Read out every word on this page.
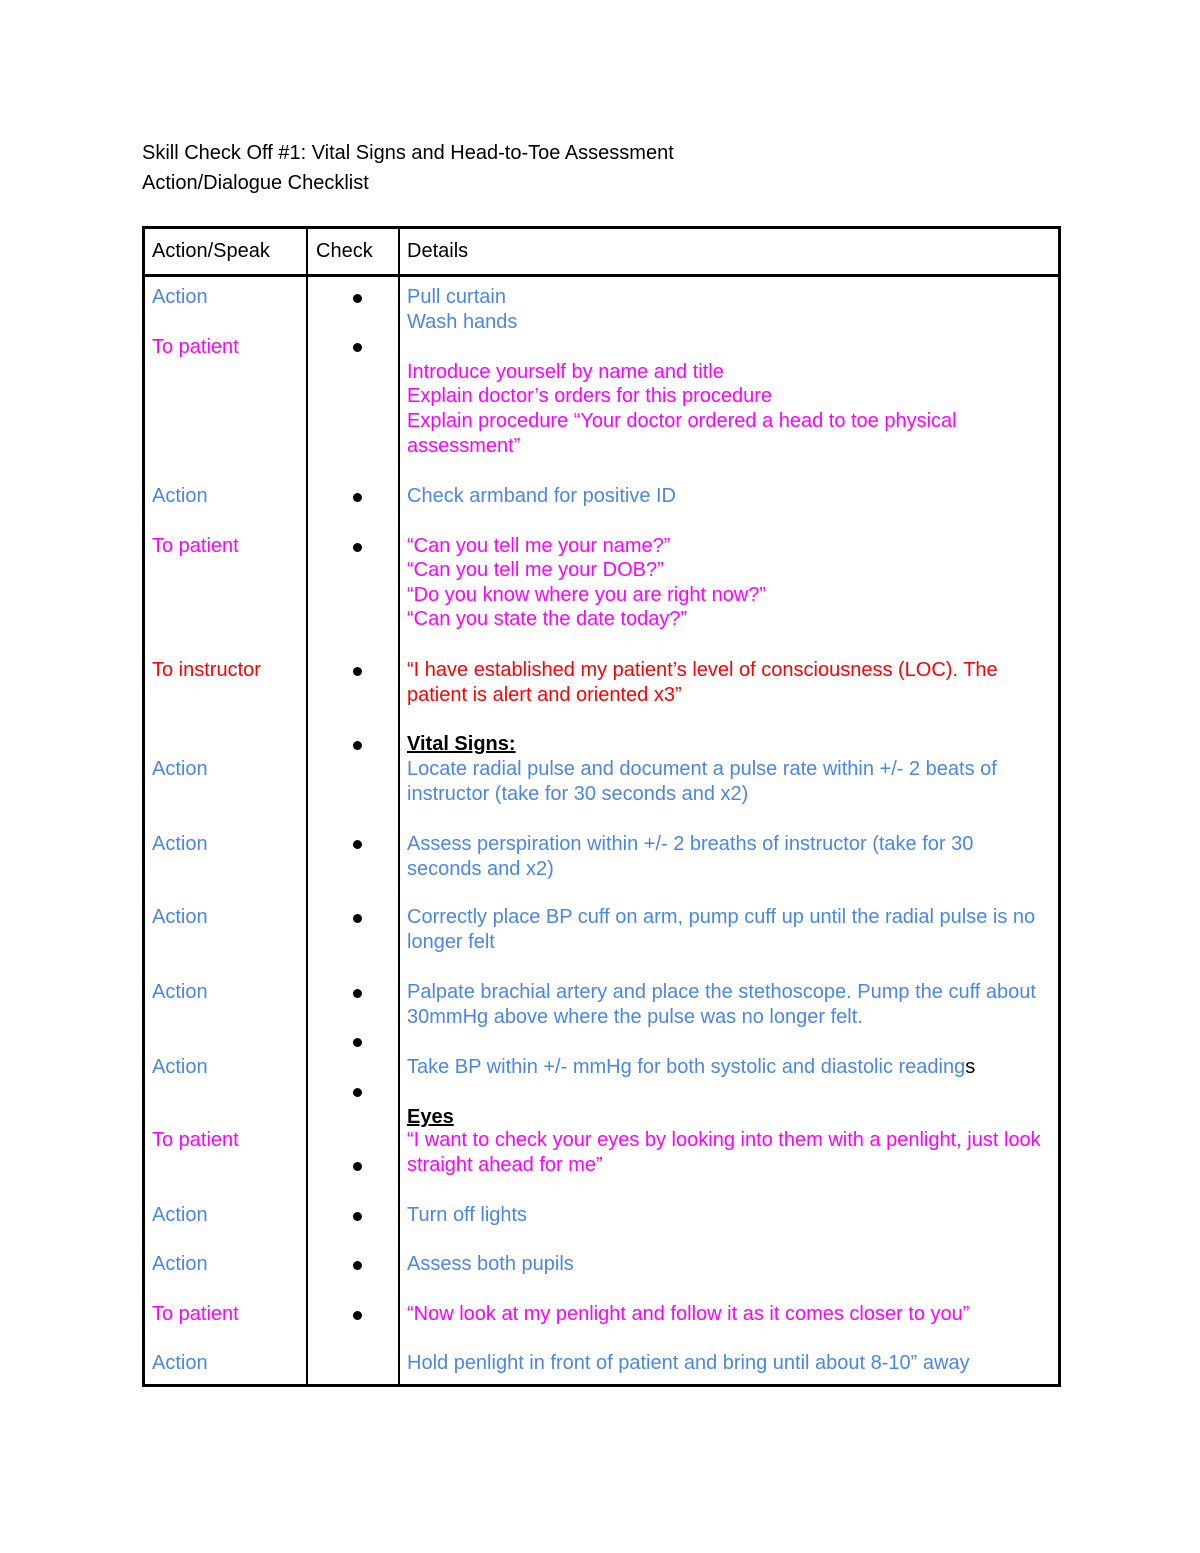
Skill Check Off #1: Vital Signs and Head-to-Toe Assessment
Action/Dialogue Checklist
Action/Speak Check Details
Action
To patient
Action
To patient
To instructor
Action
Action
Action
Action
Action
To patient
Action
Action
To patient
Action
Pull curtain
Wash hands
Introduce yourself by name and title
Explain doctor’s orders for this procedure
Explain procedure “Your doctor ordered a head to toe physical assessment”
Check armband for positive ID
“Can you tell me your name?”
“Can you tell me your DOB?”
“Do you know where you are right now?”
“Can you state the date today?”
“I have established my patient’s level of consciousness (LOC). The patient is alert and oriented x3”
Vital Signs:
Locate radial pulse and document a pulse rate within +/- 2 beats of instructor (take for 30 seconds and x2)
Assess perspiration within +/- 2 breaths of instructor (take for 30 seconds and x2)
Correctly place BP cuff on arm, pump cuff up until the radial pulse is no longer felt
Palpate brachial artery and place the stethoscope. Pump the cuff about 30mmHg above where the pulse was no longer felt.
Take BP within +/- mmHg for both systolic and diastolic readings
Eyes
“I want to check your eyes by looking into them with a penlight, just look straight ahead for me”
Turn off lights
Assess both pupils
“Now look at my penlight and follow it as it comes closer to you”
Hold penlight in front of patient and bring until about 8-10” away
